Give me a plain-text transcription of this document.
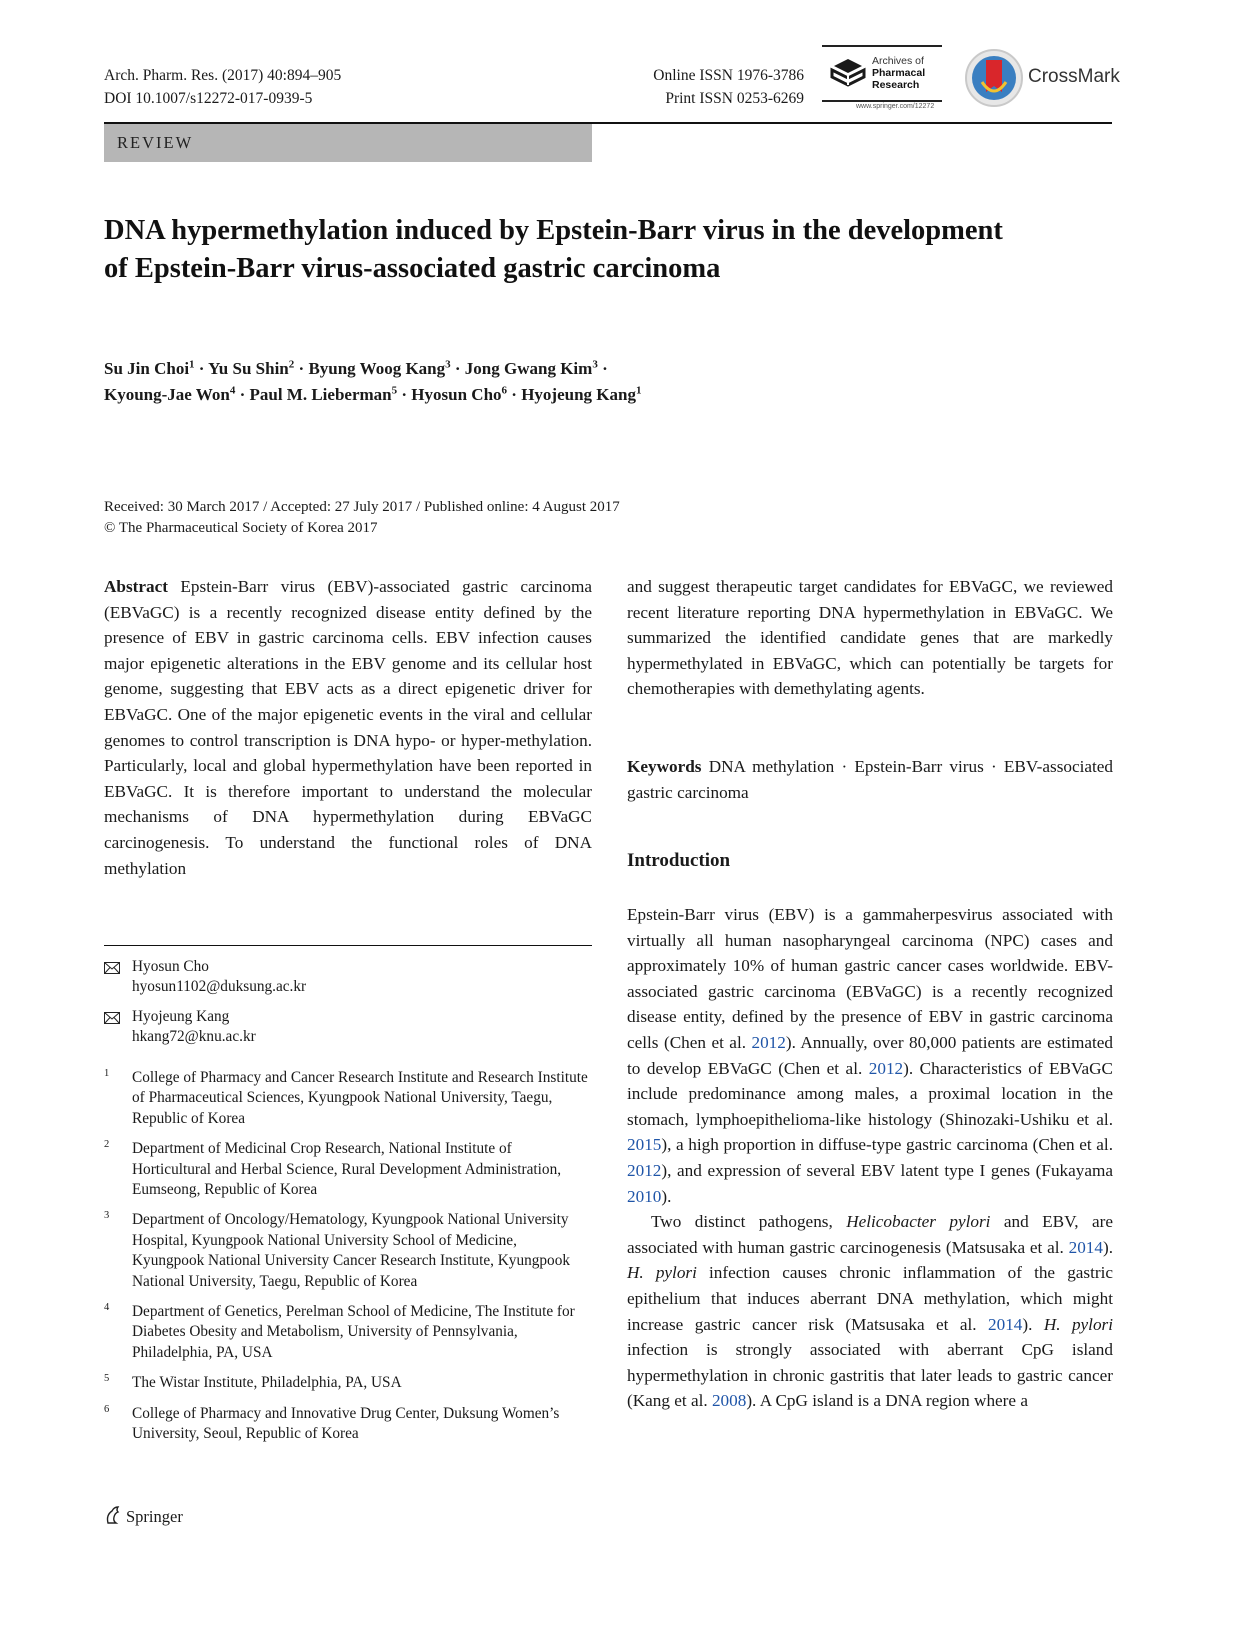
Arch. Pharm. Res. (2017) 40:894–905
DOI 10.1007/s12272-017-0939-5
Online ISSN 1976-3786
Print ISSN 0253-6269
Archives of
Pharmacal
Research
www.springer.com/12272
CrossMark
REVIEW
DNA hypermethylation induced by Epstein-Barr virus in the development of Epstein-Barr virus-associated gastric carcinoma
Su Jin Choi$^1$ · Yu Su Shin$^2$ · Byung Woog Kang$^3$ · Jong Gwang Kim$^3$ ·
Kyoung-Jae Won$^4$ · Paul M. Lieberman$^5$ · Hyosun Cho$^6$ · Hyojeung Kang$^1$
Received: 30 March 2017 / Accepted: 27 July 2017 / Published online: 4 August 2017
© The Pharmaceutical Society of Korea 2017
Abstract Epstein-Barr virus (EBV)-associated gastric carcinoma (EBVaGC) is a recently recognized disease entity defined by the presence of EBV in gastric carcinoma cells. EBV infection causes major epigenetic alterations in the EBV genome and its cellular host genome, suggesting that EBV acts as a direct epigenetic driver for EBVaGC. One of the major epigenetic events in the viral and cellular genomes to control transcription is DNA hypo- or hyper-methylation. Particularly, local and global hypermethylation have been reported in EBVaGC. It is therefore important to understand the molecular mechanisms of DNA hypermethylation during EBVaGC carcinogenesis. To understand the functional roles of DNA methylation
Hyosun Cho
hyosun1102@duksung.ac.kr
Hyojeung Kang
hkang72@knu.ac.kr
1 College of Pharmacy and Cancer Research Institute and Research Institute of Pharmaceutical Sciences, Kyungpook National University, Taegu, Republic of Korea
2 Department of Medicinal Crop Research, National Institute of Horticultural and Herbal Science, Rural Development Administration, Eumseong, Republic of Korea
3 Department of Oncology/Hematology, Kyungpook National University Hospital, Kyungpook National University School of Medicine, Kyungpook National University Cancer Research Institute, Kyungpook National University, Taegu, Republic of Korea
4 Department of Genetics, Perelman School of Medicine, The Institute for Diabetes Obesity and Metabolism, University of Pennsylvania, Philadelphia, PA, USA
5 The Wistar Institute, Philadelphia, PA, USA
6 College of Pharmacy and Innovative Drug Center, Duksung Women’s University, Seoul, Republic of Korea
and suggest therapeutic target candidates for EBVaGC, we reviewed recent literature reporting DNA hypermethylation in EBVaGC. We summarized the identified candidate genes that are markedly hypermethylated in EBVaGC, which can potentially be targets for chemotherapies with demethylating agents.
Keywords DNA methylation · Epstein-Barr virus · EBV-associated gastric carcinoma
Introduction

Epstein-Barr virus (EBV) is a gammaherpesvirus associated with virtually all human nasopharyngeal carcinoma (NPC) cases and approximately 10% of human gastric cancer cases worldwide. EBV-associated gastric carcinoma (EBVaGC) is a recently recognized disease entity, defined by the presence of EBV in gastric carcinoma cells (Chen et al. 2012). Annually, over 80,000 patients are estimated to develop EBVaGC (Chen et al. 2012). Characteristics of EBVaGC include predominance among males, a proximal location in the stomach, lymphoepithelioma-like histology (Shinozaki-Ushiku et al. 2015), a high proportion in diffuse-type gastric carcinoma (Chen et al. 2012), and expression of several EBV latent type I genes (Fukayama 2010).

Two distinct pathogens, Helicobacter pylori and EBV, are associated with human gastric carcinogenesis (Matsusaka et al. 2014). H. pylori infection causes chronic inflammation of the gastric epithelium that induces aberrant DNA methylation, which might increase gastric cancer risk (Matsusaka et al. 2014). H. pylori infection is strongly associated with aberrant CpG island hypermethylation in chronic gastritis that later leads to gastric cancer (Kang et al. 2008). A CpG island is a DNA region where a

Springer
